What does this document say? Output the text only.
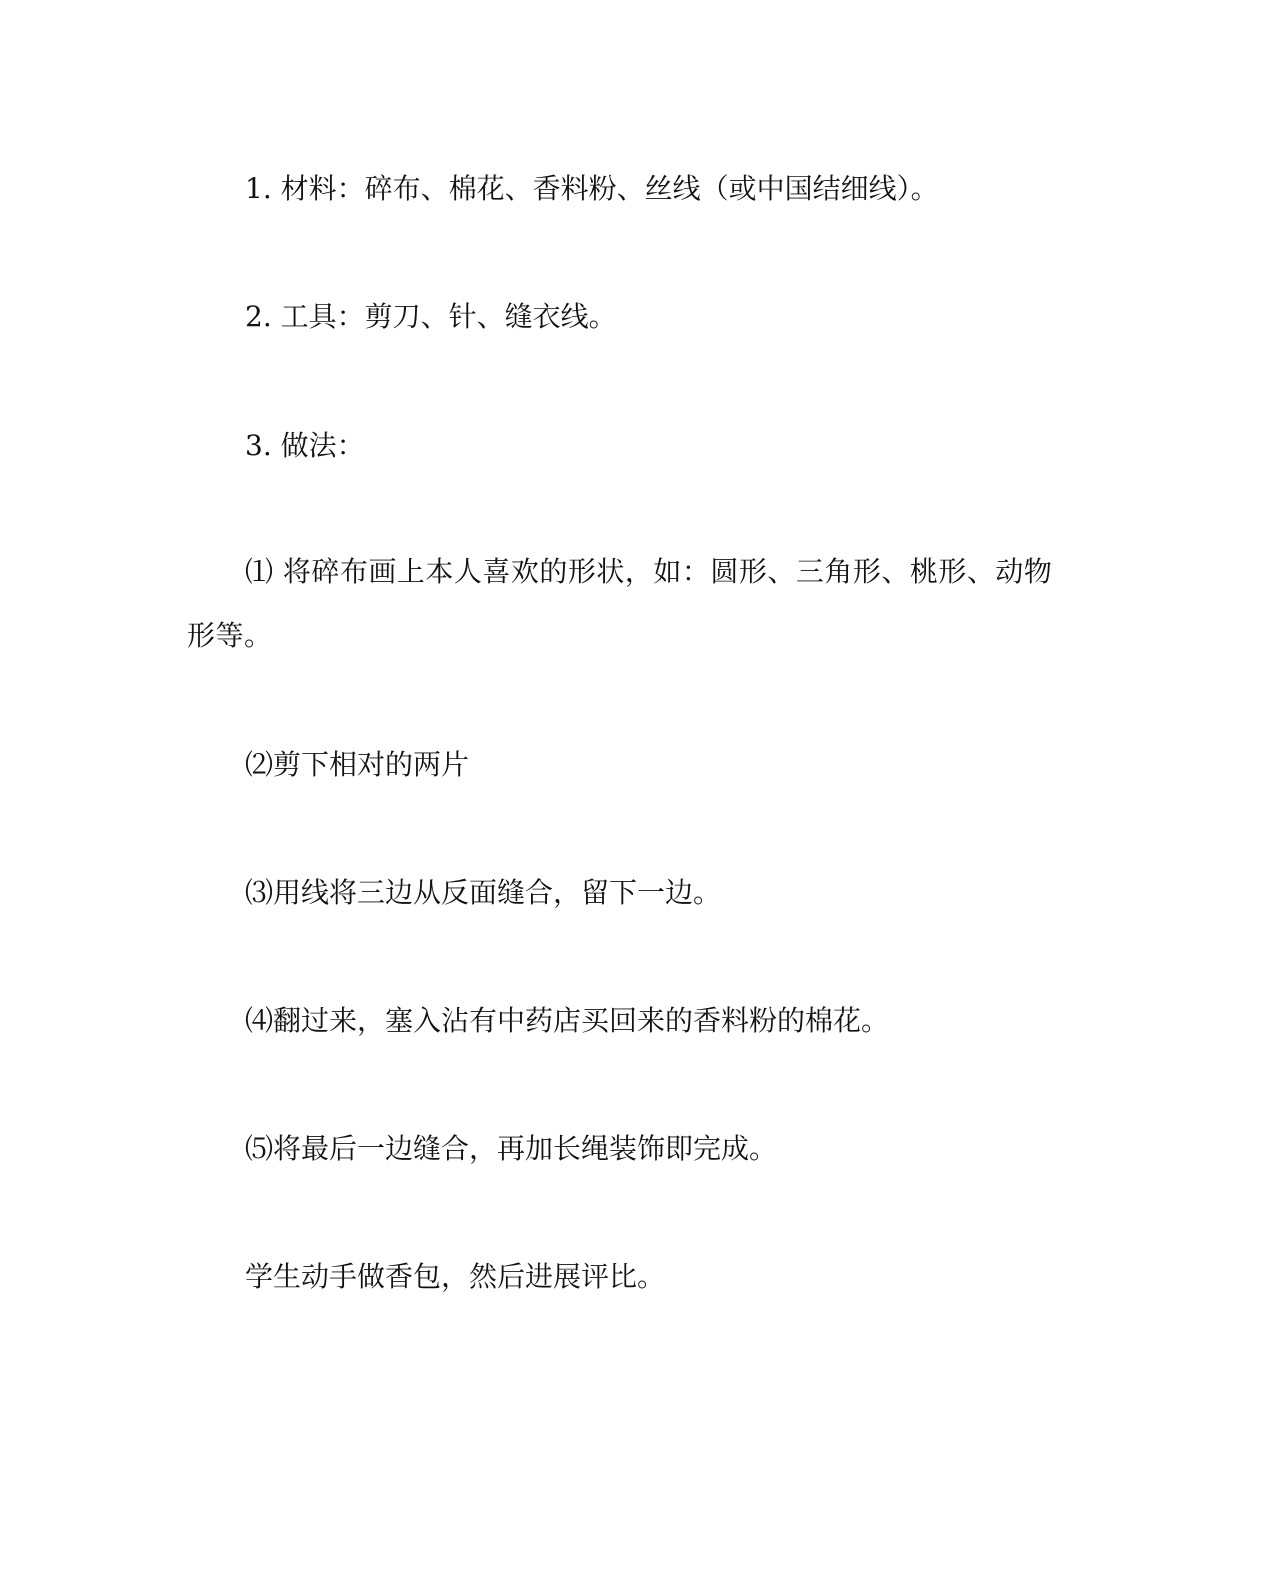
1. 材料：碎布、棉花、香料粉、丝线（或中国结细线）。
2. 工具：剪刀、针、缝衣线。
3. 做法：
⑴ 将碎布画上本人喜欢的形状，如：圆形、三角形、桃形、动物形等。
⑵剪下相对的两片
⑶用线将三边从反面缝合，留下一边。
⑷翻过来，塞入沾有中药店买回来的香料粉的棉花。
⑸将最后一边缝合，再加长绳装饰即完成。
学生动手做香包，然后进展评比。
